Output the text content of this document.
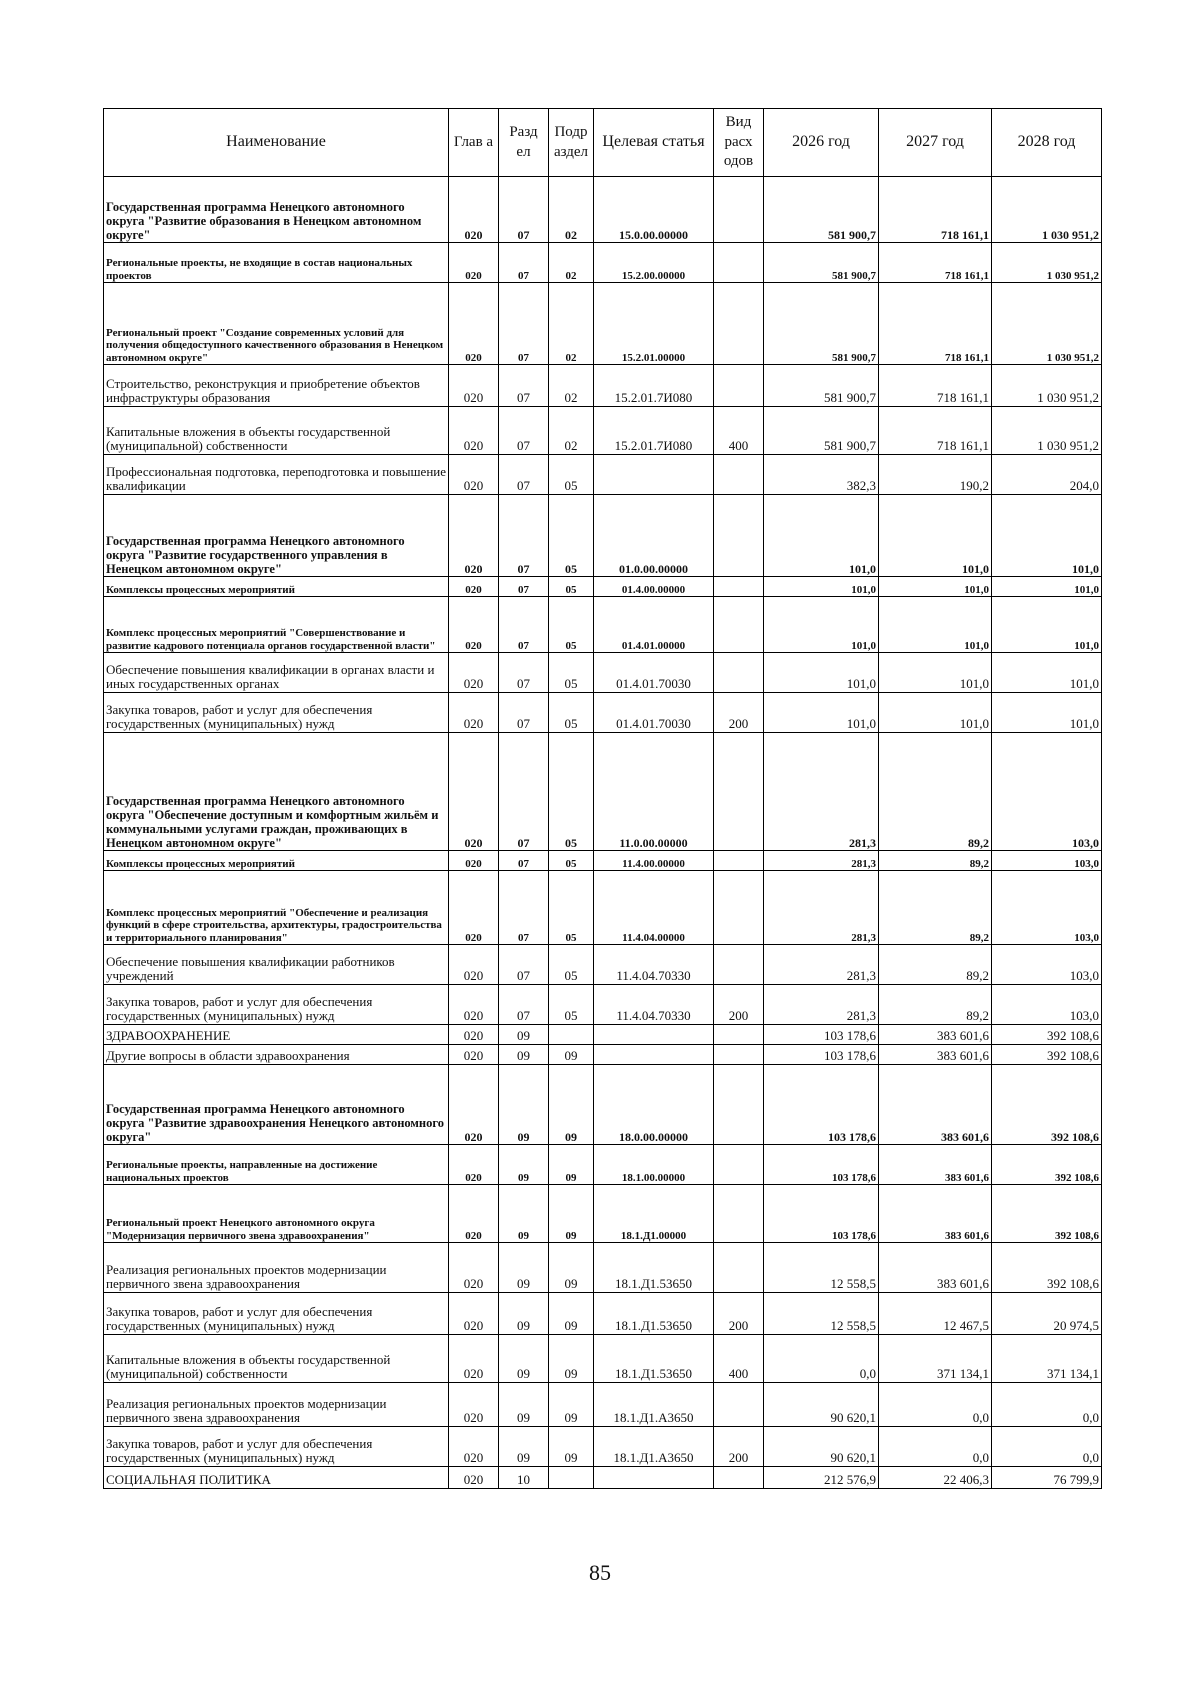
Наименование	Глав а	Разд ел	Подр аздел	Целевая статья	Вид расх одов	2026 год	2027 год	2028 год
Государственная программа Ненецкого автономного округа "Развитие образования в Ненецком автономном округе"	020	07	02	15.0.00.00000		581 900,7	718 161,1	1 030 951,2
Региональные проекты, не входящие в состав национальных проектов	020	07	02	15.2.00.00000		581 900,7	718 161,1	1 030 951,2
Региональный проект "Создание современных условий для получения общедоступного качественного образования в Ненецком автономном округе"	020	07	02	15.2.01.00000		581 900,7	718 161,1	1 030 951,2
Строительство, реконструкция и приобретение объектов инфраструктуры образования	020	07	02	15.2.01.7И080		581 900,7	718 161,1	1 030 951,2
Капитальные вложения в объекты государственной (муниципальной) собственности	020	07	02	15.2.01.7И080	400	581 900,7	718 161,1	1 030 951,2
Профессиональная подготовка, переподготовка и повышение квалификации	020	07	05			382,3	190,2	204,0
Государственная программа Ненецкого автономного округа "Развитие государственного управления в Ненецком автономном округе"	020	07	05	01.0.00.00000		101,0	101,0	101,0
Комплексы процессных мероприятий	020	07	05	01.4.00.00000		101,0	101,0	101,0
Комплекс процессных мероприятий "Совершенствование и развитие кадрового потенциала органов государственной власти"	020	07	05	01.4.01.00000		101,0	101,0	101,0
Обеспечение повышения квалификации в органах власти и иных государственных органах	020	07	05	01.4.01.70030		101,0	101,0	101,0
Закупка товаров, работ и услуг для обеспечения государственных (муниципальных) нужд	020	07	05	01.4.01.70030	200	101,0	101,0	101,0
Государственная программа Ненецкого автономного округа "Обеспечение доступным и комфортным жильём и коммунальными услугами граждан, проживающих в Ненецком автономном округе"	020	07	05	11.0.00.00000		281,3	89,2	103,0
Комплексы процессных мероприятий	020	07	05	11.4.00.00000		281,3	89,2	103,0
Комплекс процессных мероприятий "Обеспечение и реализация функций в сфере строительства, архитектуры, градостроительства и территориального планирования"	020	07	05	11.4.04.00000		281,3	89,2	103,0
Обеспечение повышения квалификации работников учреждений	020	07	05	11.4.04.70330		281,3	89,2	103,0
Закупка товаров, работ и услуг для обеспечения государственных (муниципальных) нужд	020	07	05	11.4.04.70330	200	281,3	89,2	103,0
ЗДРАВООХРАНЕНИЕ	020	09				103 178,6	383 601,6	392 108,6
Другие вопросы в области здравоохранения	020	09	09			103 178,6	383 601,6	392 108,6
Государственная программа Ненецкого автономного округа "Развитие здравоохранения Ненецкого автономного округа"	020	09	09	18.0.00.00000		103 178,6	383 601,6	392 108,6
Региональные проекты, направленные на достижение национальных проектов	020	09	09	18.1.00.00000		103 178,6	383 601,6	392 108,6
Региональный проект Ненецкого автономного округа "Модернизация первичного звена здравоохранения"	020	09	09	18.1.Д1.00000		103 178,6	383 601,6	392 108,6
Реализация региональных проектов модернизации первичного звена здравоохранения	020	09	09	18.1.Д1.53650		12 558,5	383 601,6	392 108,6
Закупка товаров, работ и услуг для обеспечения государственных (муниципальных) нужд	020	09	09	18.1.Д1.53650	200	12 558,5	12 467,5	20 974,5
Капитальные вложения в объекты государственной (муниципальной) собственности	020	09	09	18.1.Д1.53650	400	0,0	371 134,1	371 134,1
Реализация региональных проектов модернизации первичного звена здравоохранения	020	09	09	18.1.Д1.А3650		90 620,1	0,0	0,0
Закупка товаров, работ и услуг для обеспечения государственных (муниципальных) нужд	020	09	09	18.1.Д1.А3650	200	90 620,1	0,0	0,0
СОЦИАЛЬНАЯ ПОЛИТИКА	020	10				212 576,9	22 406,3	76 799,9
85
